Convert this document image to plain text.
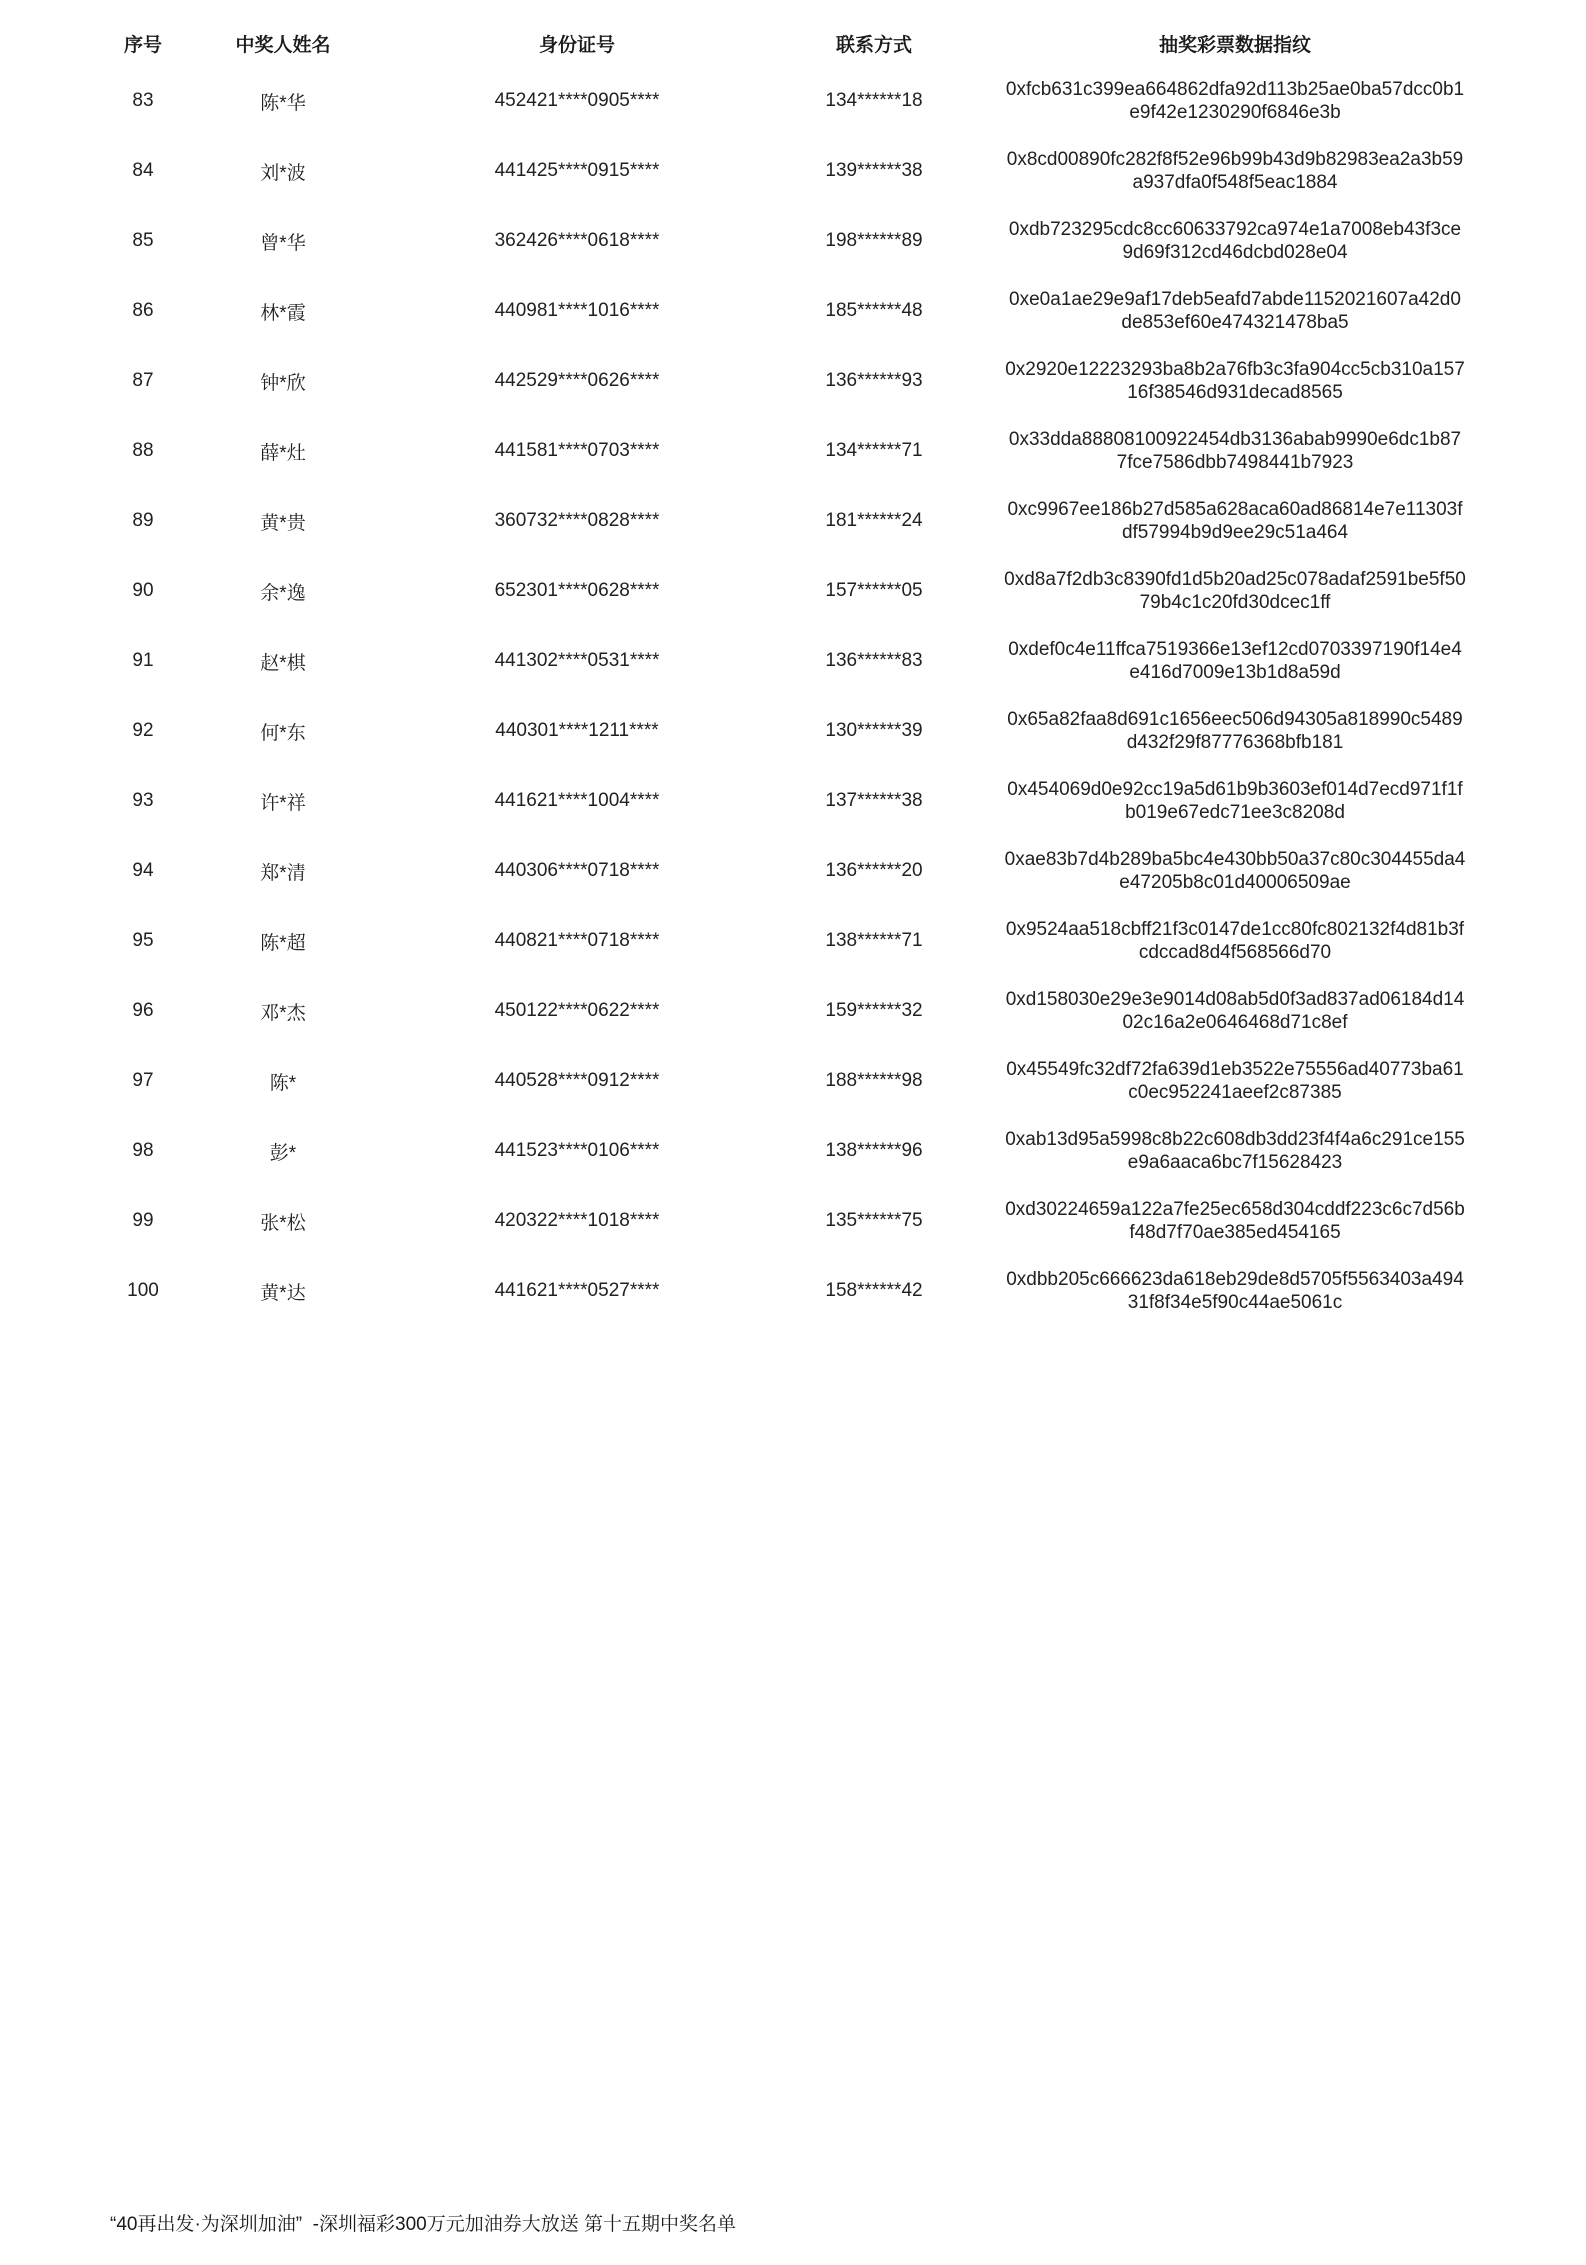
序号	中奖人姓名	身份证号	联系方式	抽奖彩票数据指纹
83	陈*华	452421****0905****	134******18	0xfcb631c399ea664862dfa92d113b25ae0ba57dcc0b1e9f42e1230290f6846e3b

84	刘*波	441425****0915****	139******38	0x8cd00890fc282f8f52e96b99b43d9b82983ea2a3b59a937dfa0f548f5eac1884

85	曾*华	362426****0618****	198******89	0xdb723295cdc8cc60633792ca974e1a7008eb43f3ce9d69f312cd46dcbd028e04

86	林*霞	440981****1016****	185******48	0xe0a1ae29e9af17deb5eafd7abde1152021607a42d0de853ef60e474321478ba5

87	钟*欣	442529****0626****	136******93	0x2920e12223293ba8b2a76fb3c3fa904cc5cb310a15716f38546d931decad8565

88	薛*灶	441581****0703****	134******71	0x33dda88808100922454db3136abab9990e6dc1b877fce7586dbb7498441b7923

89	黄*贵	360732****0828****	181******24	0xc9967ee186b27d585a628aca60ad86814e7e11303fdf57994b9d9ee29c51a464

90	余*逸	652301****0628****	157******05	0xd8a7f2db3c8390fd1d5b20ad25c078adaf2591be5f5079b4c1c20fd30dcec1ff

91	赵*棋	441302****0531****	136******83	0xdef0c4e11ffca7519366e13ef12cd0703397190f14e4e416d7009e13b1d8a59d

92	何*东	440301****1211****	130******39	0x65a82faa8d691c1656eec506d94305a818990c5489d432f29f87776368bfb181

93	许*祥	441621****1004****	137******38	0x454069d0e92cc19a5d61b9b3603ef014d7ecd971f1fb019e67edc71ee3c8208d

94	郑*清	440306****0718****	136******20	0xae83b7d4b289ba5bc4e430bb50a37c80c304455da4e47205b8c01d40006509ae

95	陈*超	440821****0718****	138******71	0x9524aa518cbff21f3c0147de1cc80fc802132f4d81b3fcdccad8d4f568566d70

96	邓*杰	450122****0622****	159******32	0xd158030e29e3e9014d08ab5d0f3ad837ad06184d1402c16a2e0646468d71c8ef

97	陈*	440528****0912****	188******98	0x45549fc32df72fa639d1eb3522e75556ad40773ba61c0ec952241aeef2c87385

98	彭*	441523****0106****	138******96	0xab13d95a5998c8b22c608db3dd23f4f4a6c291ce155e9a6aaca6bc7f15628423

99	张*松	420322****1018****	135******75	0xd30224659a122a7fe25ec658d304cddf223c6c7d56bf48d7f70ae385ed454165

100	黄*达	441621****0527****	158******42	0xdbb205c666623da618eb29de8d5705f5563403a49431f8f34e5f90c44ae5061c
“40再出发·为深圳加油”  -深圳福彩300万元加油券大放送 第十五期中奖名单
